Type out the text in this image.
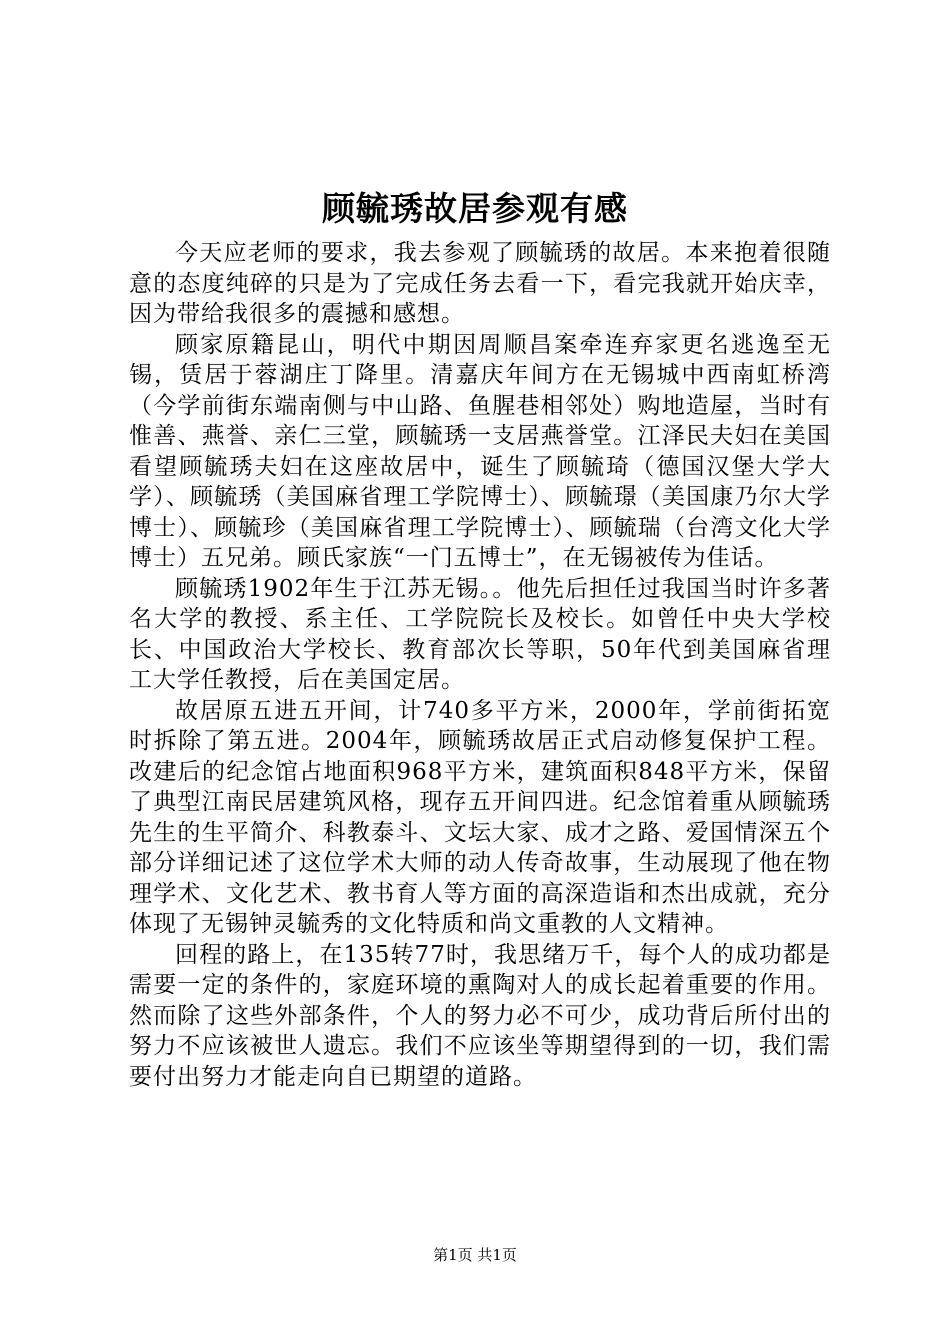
顾毓琇故居参观有感

今天应老师的要求，我去参观了顾毓琇的故居。本来抱着很随意的态度纯碎的只是为了完成任务去看一下，看完我就开始庆幸，因为带给我很多的震撼和感想。

顾家原籍昆山，明代中期因周顺昌案牵连弃家更名逃逸至无锡，赁居于蓉湖庄丁降里。清嘉庆年间方在无锡城中西南虹桥湾（今学前街东端南侧与中山路、鱼腥巷相邻处）购地造屋，当时有惟善、燕誉、亲仁三堂，顾毓琇一支居燕誉堂。江泽民夫妇在美国看望顾毓琇夫妇在这座故居中，诞生了顾毓琦（德国汉堡大学大学）、顾毓琇（美国麻省理工学院博士）、顾毓璟（美国康乃尔大学博士）、顾毓珍（美国麻省理工学院博士）、顾毓瑞（台湾文化大学博士）五兄弟。顾氏家族“一门五博士”，在无锡被传为佳话。

顾毓琇1902年生于江苏无锡。。他先后担任过我国当时许多著名大学的教授、系主任、工学院院长及校长。如曾任中央大学校长、中国政治大学校长、教育部次长等职，50年代到美国麻省理工大学任教授，后在美国定居。

故居原五进五开间，计740多平方米，2000年，学前街拓宽时拆除了第五进。2004年，顾毓琇故居正式启动修复保护工程。改建后的纪念馆占地面积968平方米，建筑面积848平方米，保留了典型江南民居建筑风格，现存五开间四进。纪念馆着重从顾毓琇先生的生平简介、科教泰斗、文坛大家、成才之路、爱国情深五个部分详细记述了这位学术大师的动人传奇故事，生动展现了他在物理学术、文化艺术、教书育人等方面的高深造诣和杰出成就，充分体现了无锡钟灵毓秀的文化特质和尚文重教的人文精神。

回程的路上，在135转77时，我思绪万千，每个人的成功都是需要一定的条件的，家庭环境的熏陶对人的成长起着重要的作用。然而除了这些外部条件，个人的努力必不可少，成功背后所付出的努力不应该被世人遗忘。我们不应该坐等期望得到的一切，我们需要付出努力才能走向自已期望的道路。

第1页 共1页
